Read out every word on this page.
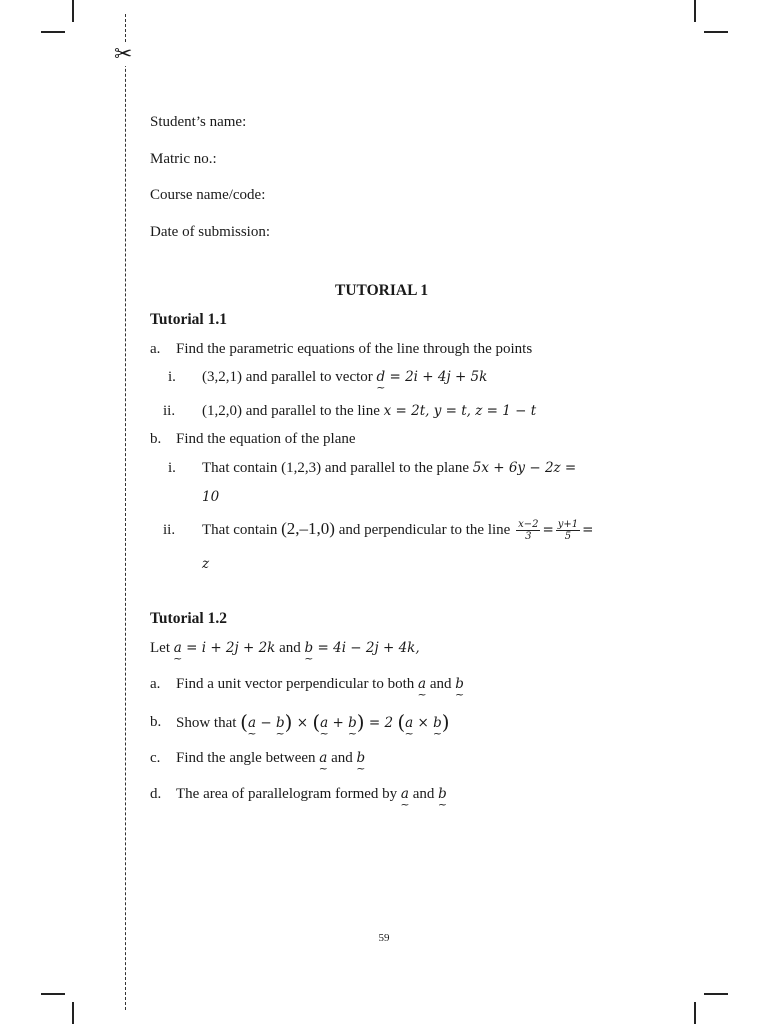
✂
Student’s name:
Matric no.:
Course name/code:
Date of submission:
TUTORIAL 1
Tutorial 1.1
a. Find the parametric equations of the line through the points
i. (3,2,1) and parallel to vector d ~ = 2i + 4j + 5k
ii. (1,2,0) and parallel to the line x = 2t, y = t, z = 1 − t
b. Find the equation of the plane
i. That contain (1,2,3) and parallel to the plane 5x + 6y − 2z =
10
ii. That contain (2,–1,0) and perpendicular to the line $\frac{x-2}{3} = \frac{y+1}{5}$ =
z
Tutorial 1.2
Let a ~ = i + 2j + 2k and b ~ = 4i − 2j + 4k,
a. Find a unit vector perpendicular to both a ~ and b ~
b. Show that (a ~ − b ~) × (a ~ + b ~) = 2 (a ~ × b ~)
c. Find the angle between a ~ and b ~
d. The area of parallelogram formed by a ~ and b ~
59
